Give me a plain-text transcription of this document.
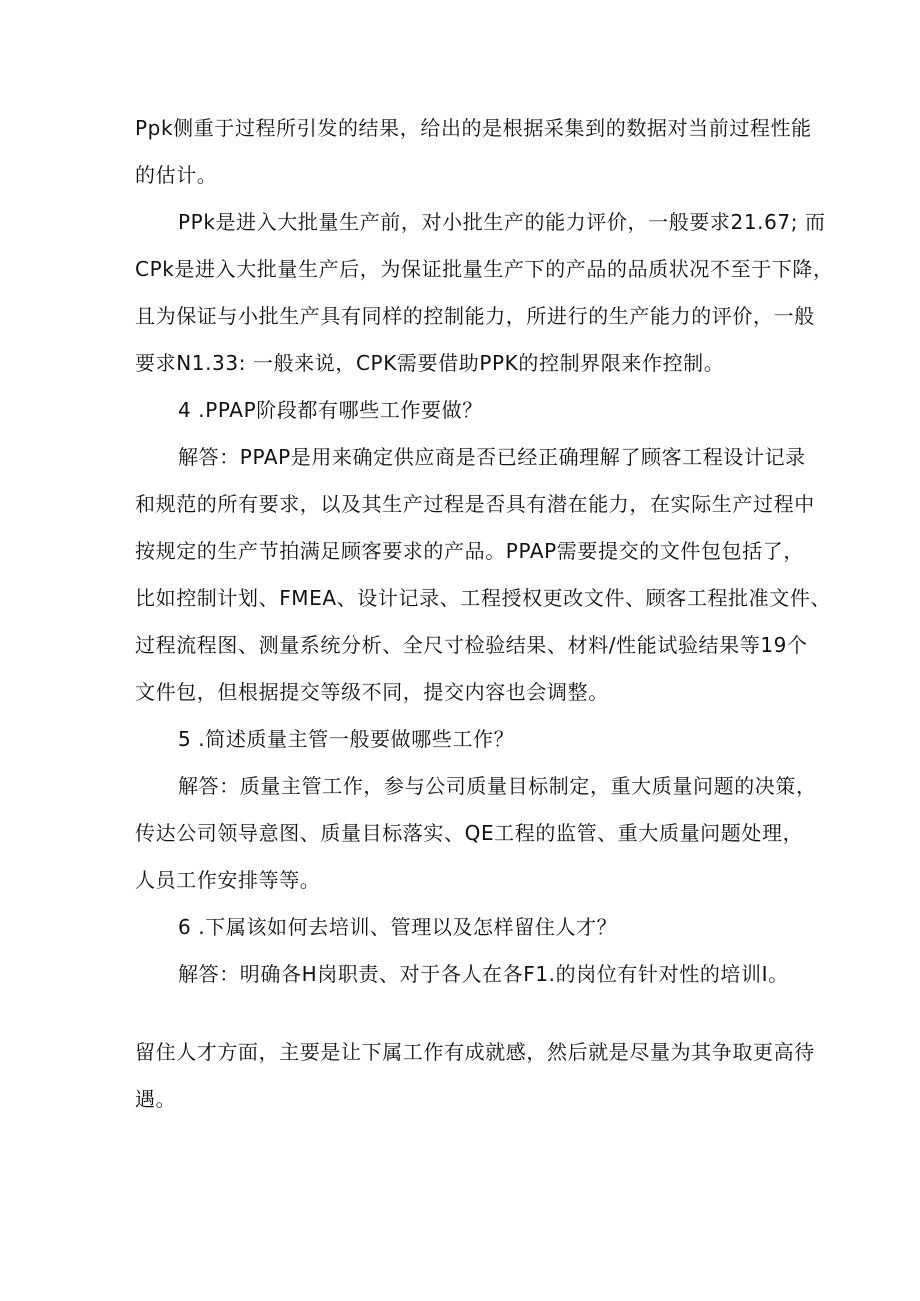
Ppk侧重于过程所引发的结果，给出的是根据采集到的数据对当前过程性能
的估计。
PPk是进入大批量生产前，对小批生产的能力评价，一般要求21.67; 而
CPk是进入大批量生产后，为保证批量生产下的产品的品质状况不至于下降，
且为保证与小批生产具有同样的控制能力，所进行的生产能力的评价，一般
要求N1.33: 一般来说，CPK需要借助PPK的控制界限来作控制。
4 .PPAP阶段都有哪些工作要做？
解答：PPAP是用来确定供应商是否已经正确理解了顾客工程设计记录
和规范的所有要求，以及其生产过程是否具有潜在能力，在实际生产过程中
按规定的生产节拍满足顾客要求的产品。PPAP需要提交的文件包包括了，
比如控制计划、FMEA、设计记录、工程授权更改文件、顾客工程批准文件、
过程流程图、测量系统分析、全尺寸检验结果、材料/性能试验结果等19个
文件包，但根据提交等级不同，提交内容也会调整。
5 .简述质量主管一般要做哪些工作？
解答：质量主管工作，参与公司质量目标制定，重大质量问题的决策，
传达公司领导意图、质量目标落实、QE工程的监管、重大质量问题处理，
人员工作安排等等。
6 .下属该如何去培训、管理以及怎样留住人才？
解答：明确各H岗职责、对于各人在各F1.的岗位有针对性的培训I。
留住人才方面，主要是让下属工作有成就感，然后就是尽量为其争取更高待
遇。
